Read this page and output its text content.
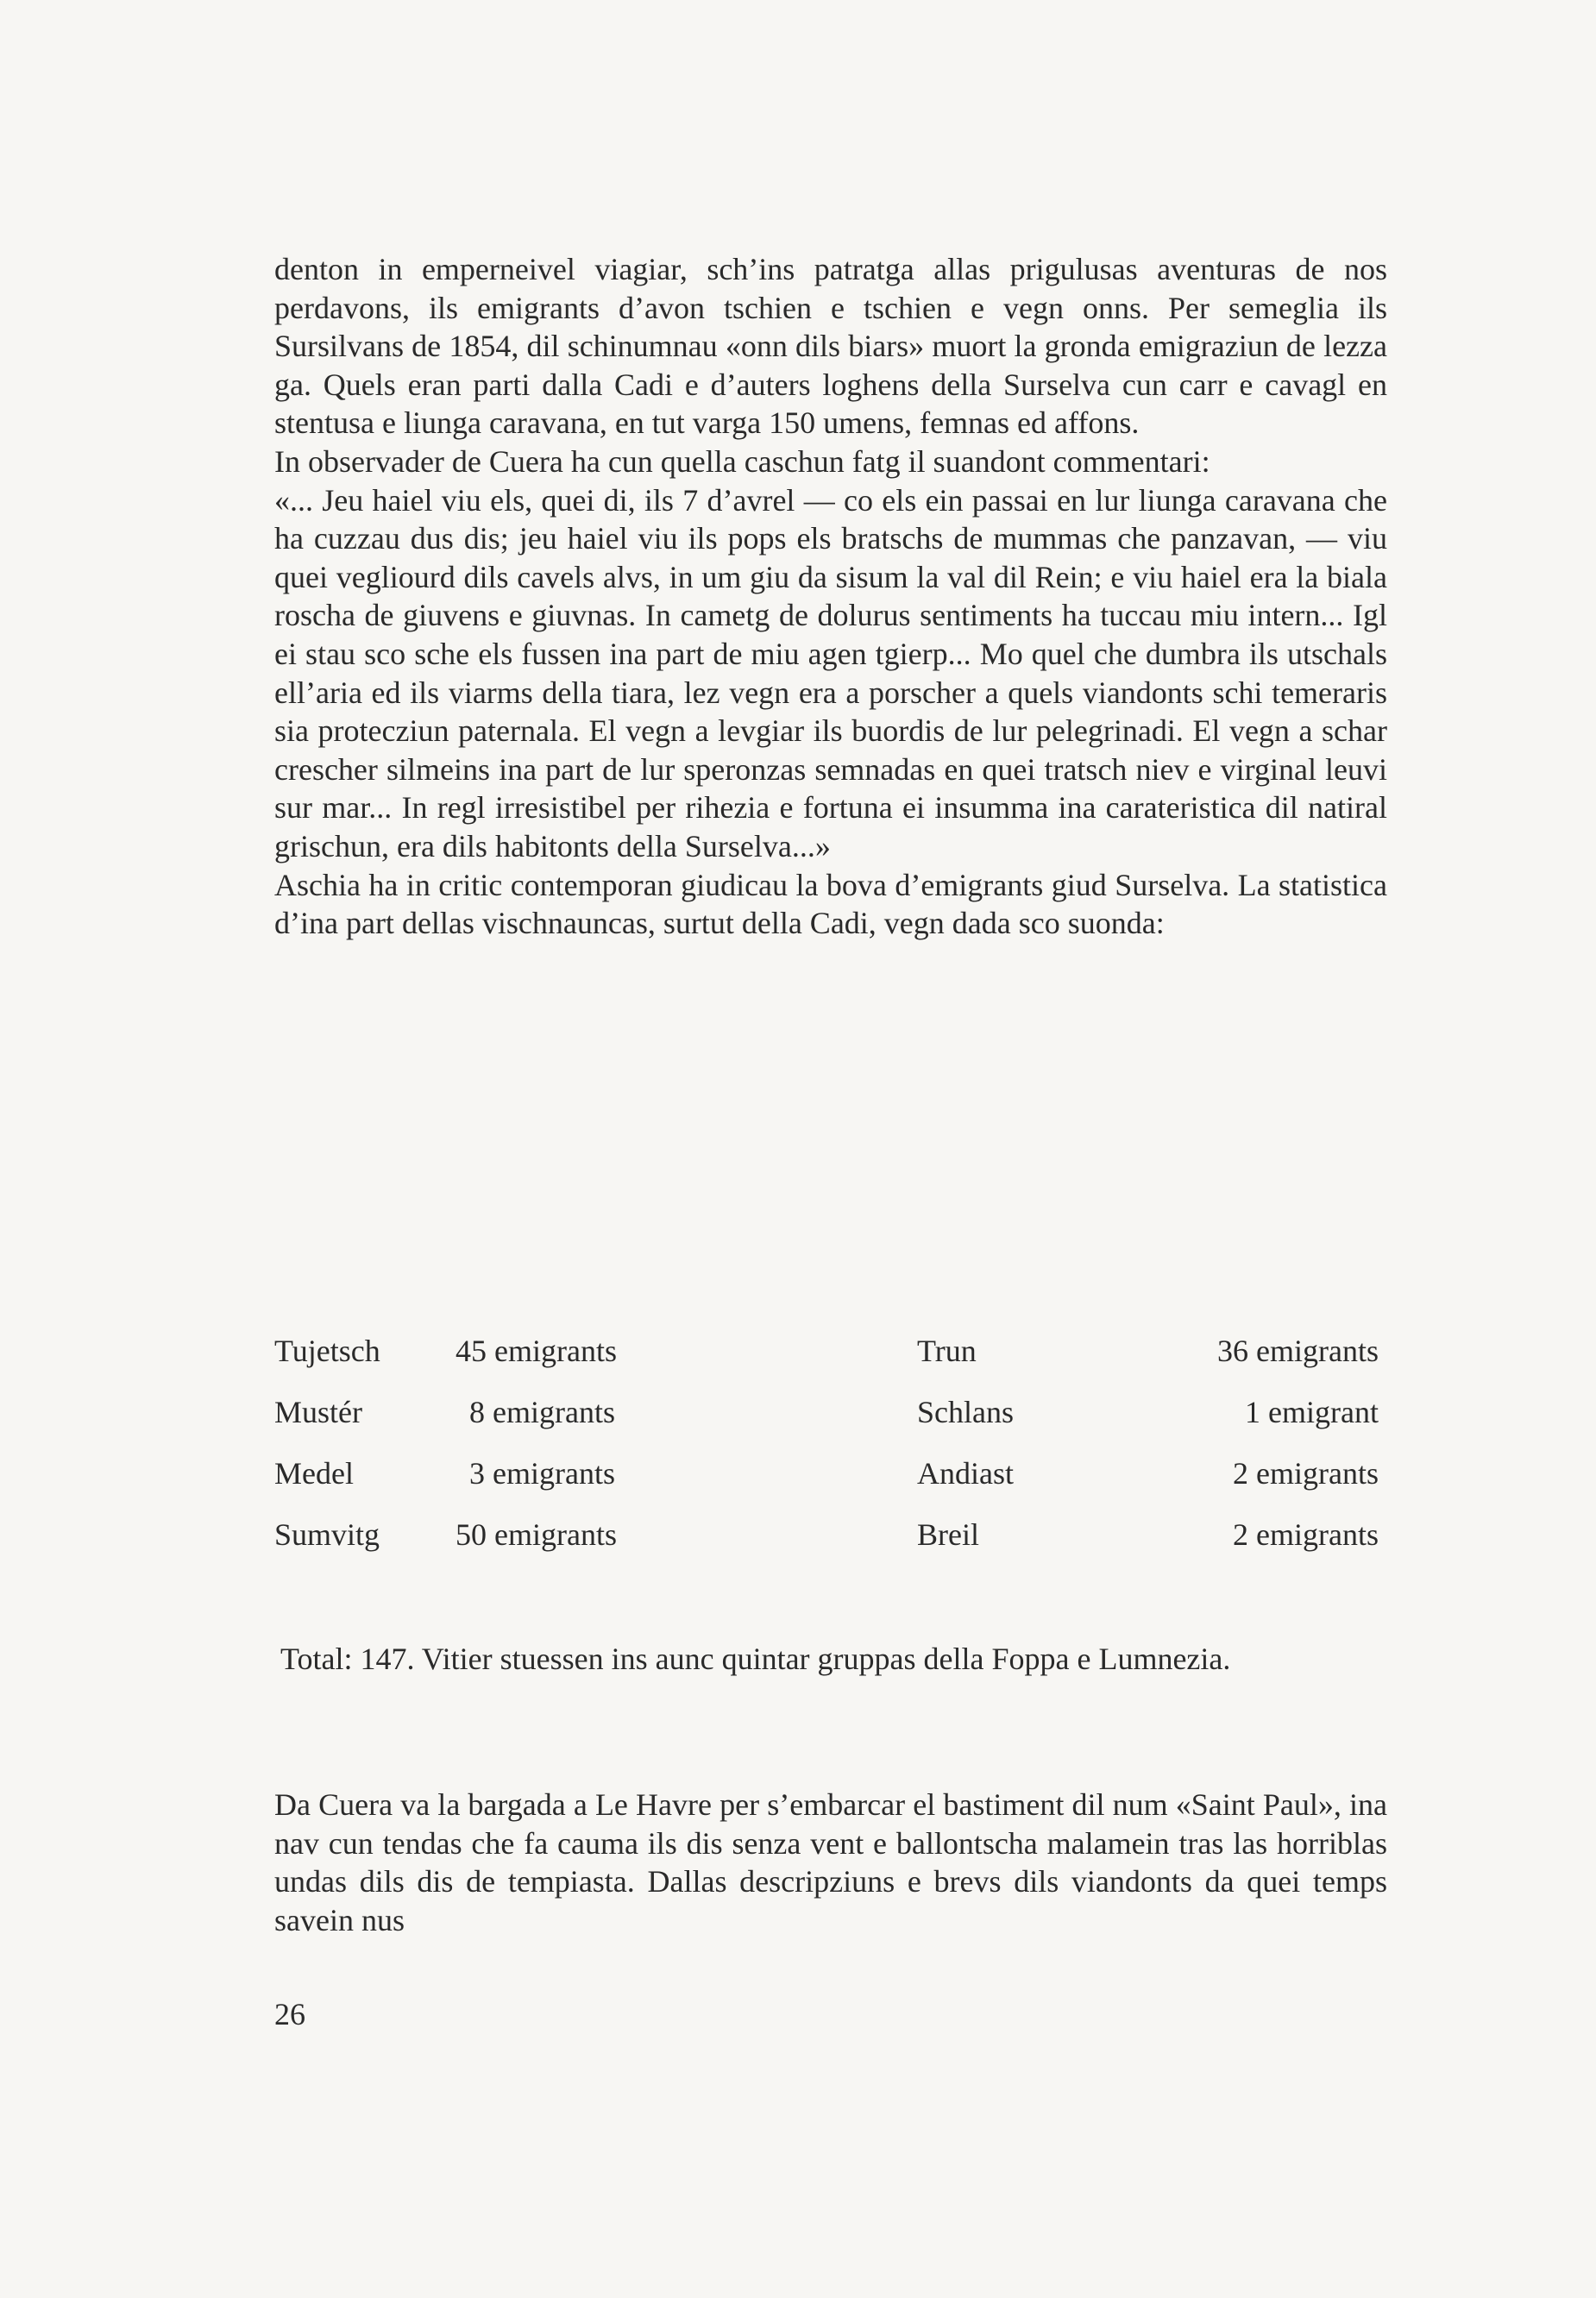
denton in emperneivel viagiar, sch’ins patratga allas prigulusas aventuras de nos perdavons, ils emigrants d’avon tschien e tschien e vegn onns. Per semeglia ils Sursilvans de 1854, dil schinumnau «onn dils biars» muort la gronda emigraziun de lezza ga. Quels eran parti dalla Cadi e d’auters loghens della Surselva cun carr e cavagl en stentusa e liunga caravana, en tut varga 150 umens, femnas ed affons.

In observader de Cuera ha cun quella caschun fatg il suandont commentari:

«... Jeu haiel viu els, quei di, ils 7 d’avrel — co els ein passai en lur liunga caravana che ha cuzzau dus dis; jeu haiel viu ils pops els bratschs de mummas che panzavan, — viu quei vegliourd dils cavels alvs, in um giu da sisum la val dil Rein; e viu haiel era la biala roscha de giuvens e giuvnas. In cametg de dolurus sentiments ha tuccau miu intern... Igl ei stau sco sche els fussen ina part de miu agen tgierp... Mo quel che dumbra ils utschals ell’aria ed ils viarms della tiara, lez vegn era a porscher a quels viandonts schi temeraris sia protecziun paternala. El vegn a levgiar ils buordis de lur pelegrinadi. El vegn a schar crescher silmeins ina part de lur speronzas semnadas en quei tratsch niev e virginal leuvi sur mar... In regl irresistibel per rihezia e fortuna ei insumma ina carateristica dil natiral grischun, era dils habitonts della Surselva...»

Aschia ha in critic contemporan giudicau la bova d’emigrants giud Surselva. La statistica d’ina part dellas vischnauncas, surtut della Cadi, vegn dada sco suonda:

Tujetsch 45 emigrants	Trun	36 emigrants
Mustér	8 emigrants	Schlans	1 emigrant
Medel	3 emigrants	Andiast	2 emigrants
Sumvitg 50 emigrants	Breil	2 emigrants

Total: 147. Vitier stuessen ins aunc quintar gruppas della Foppa e Lumnezia.

Da Cuera va la bargada a Le Havre per s’embarcar el bastiment dil num «Saint Paul», ina nav cun tendas che fa cauma ils dis senza vent e ballontscha malamein tras las horriblas undas dils dis de tempiasta. Dallas descripziuns e brevs dils viandonts da quei temps savein nus

26
